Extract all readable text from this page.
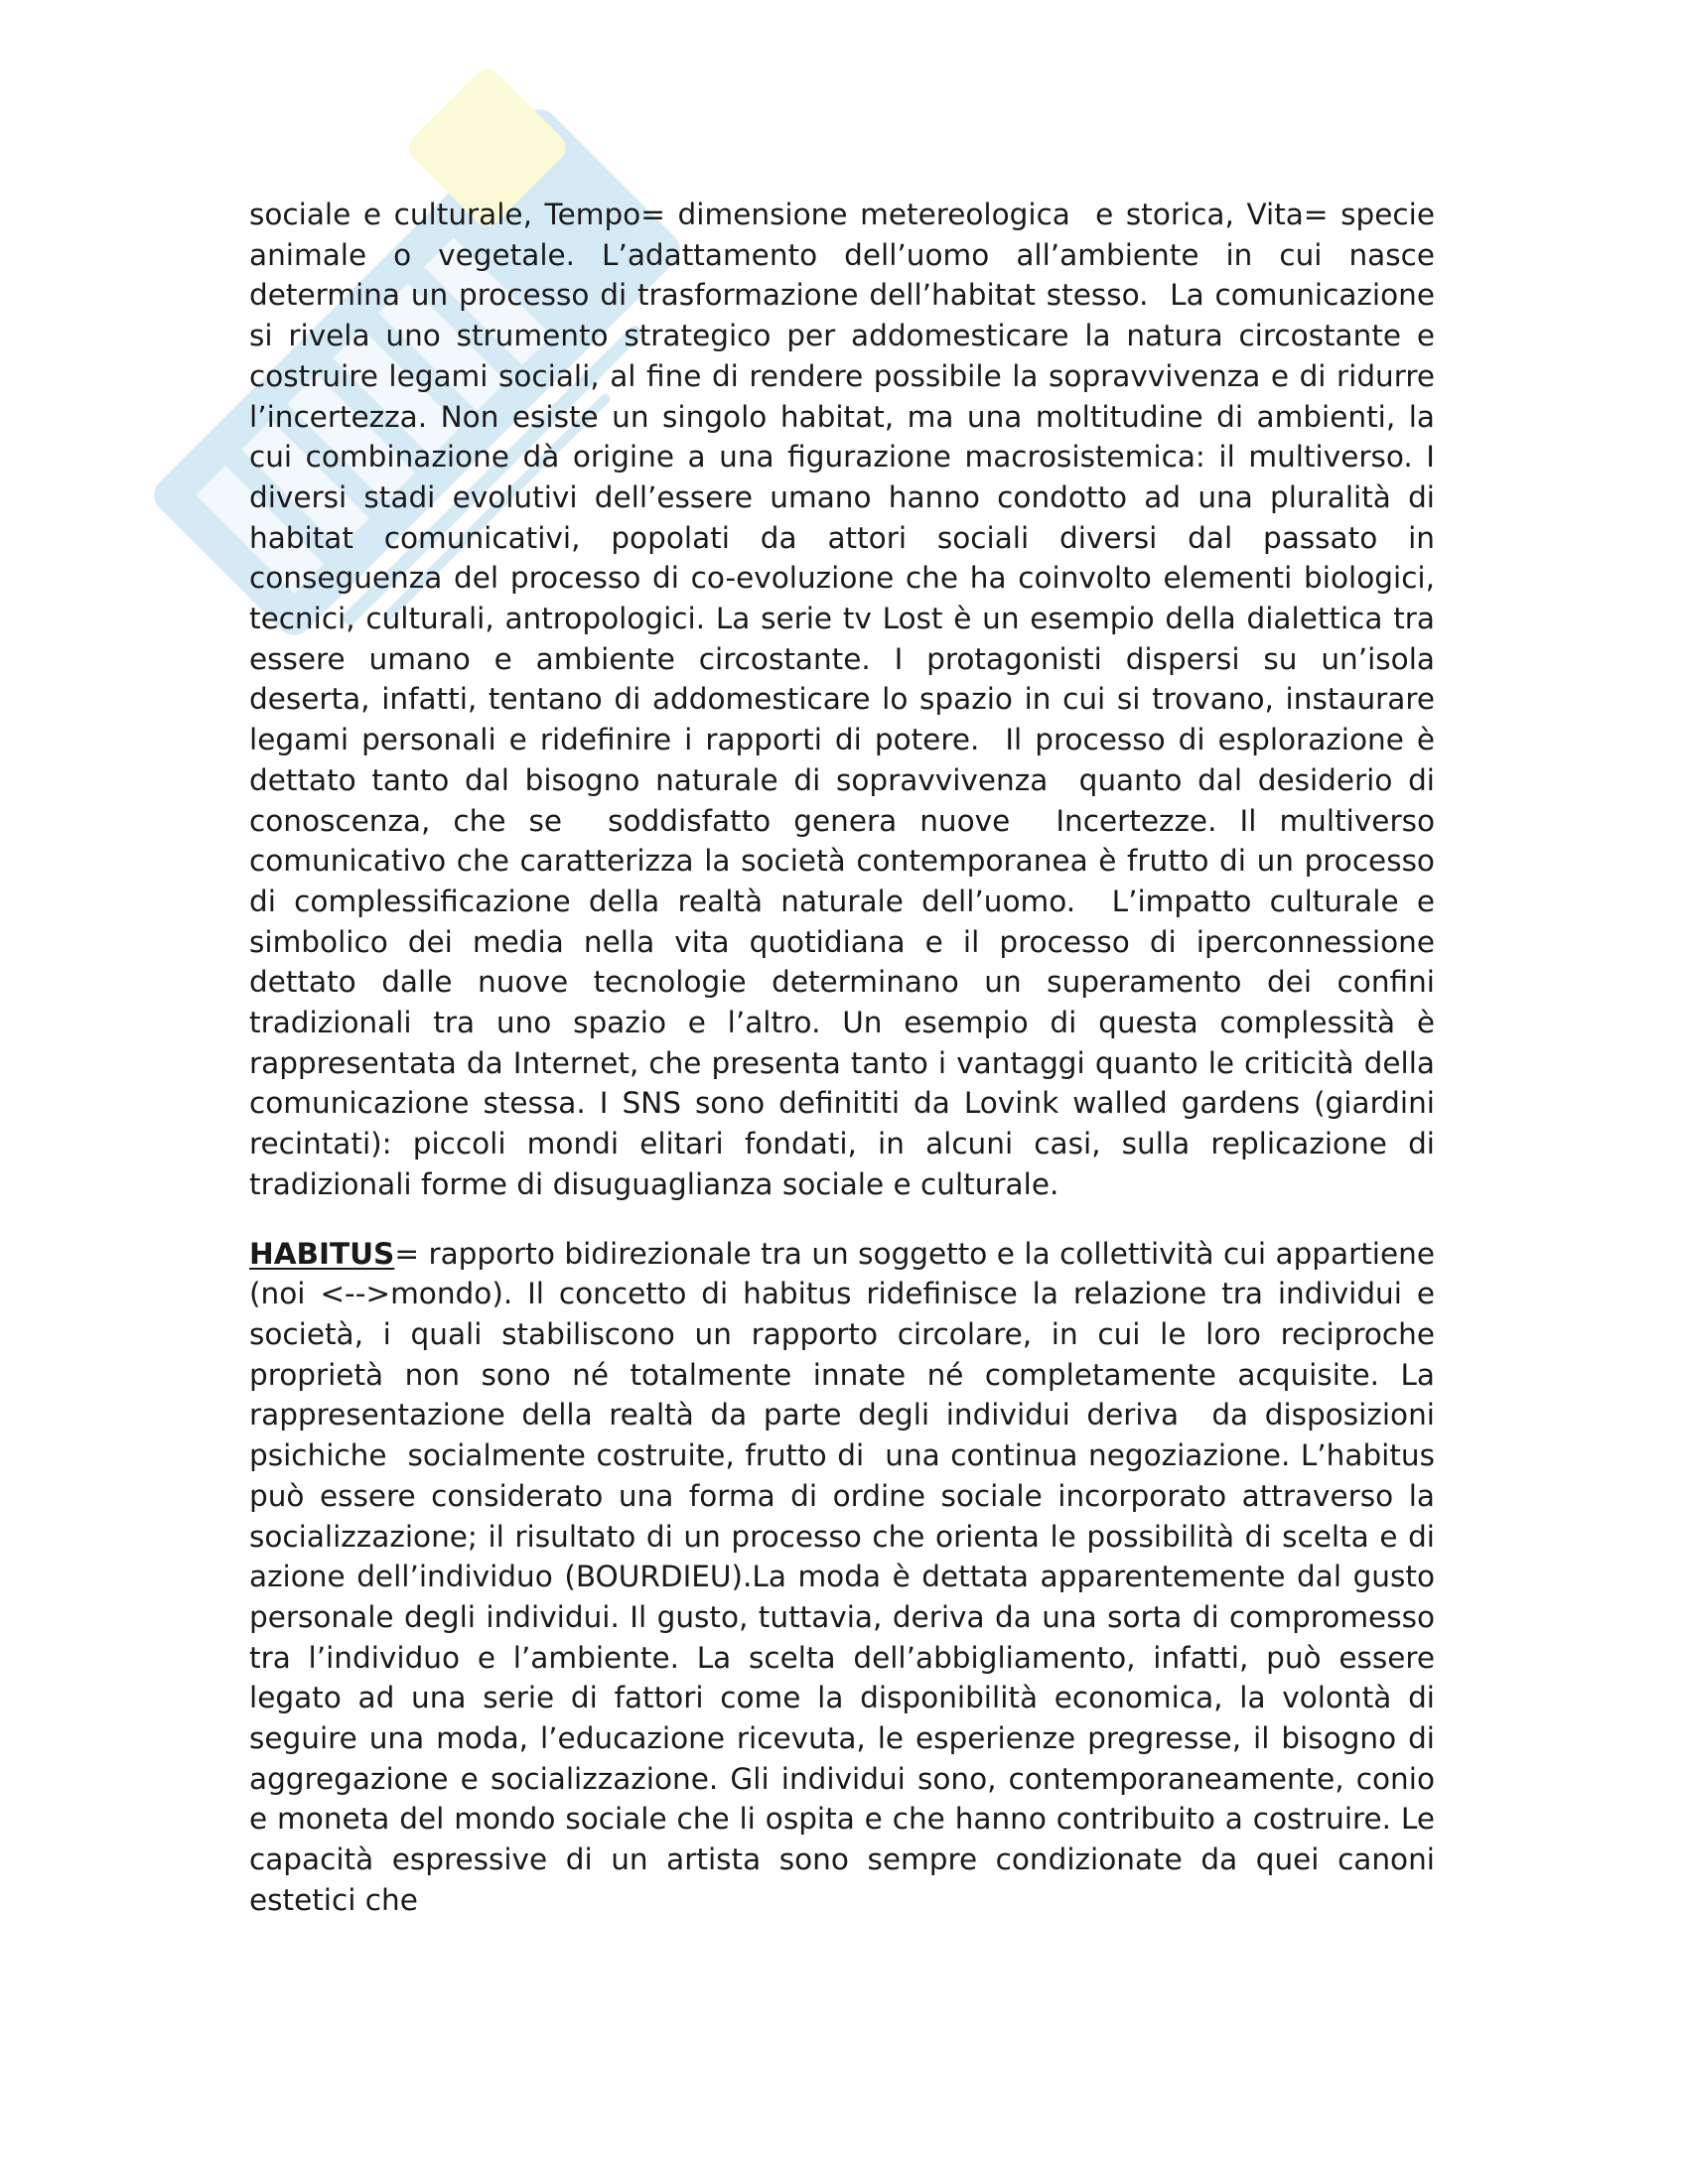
sociale e culturale, Tempo= dimensione metereologica  e storica, Vita= specie animale o vegetale. L’adattamento dell’uomo all’ambiente in cui nasce determina un processo di trasformazione dell’habitat stesso.  La comunicazione si rivela uno strumento strategico per addomesticare la natura circostante e costruire legami sociali, al fine di rendere possibile la sopravvivenza e di ridurre l’incertezza. Non esiste un singolo habitat, ma una moltitudine di ambienti, la cui combinazione dà origine a una figurazione macrosistemica: il multiverso. I diversi stadi evolutivi dell’essere umano hanno condotto ad una pluralità di habitat comunicativi, popolati da attori sociali diversi dal passato in conseguenza del processo di co-evoluzione che ha coinvolto elementi biologici, tecnici, culturali, antropologici. La serie tv Lost è un esempio della dialettica tra essere umano e ambiente circostante. I protagonisti dispersi su un’isola deserta, infatti, tentano di addomesticare lo spazio in cui si trovano, instaurare legami personali e ridefinire i rapporti di potere.  Il processo di esplorazione è dettato tanto dal bisogno naturale di sopravvivenza  quanto dal desiderio di  conoscenza, che se  soddisfatto genera nuove  Incertezze. Il multiverso comunicativo che caratterizza la società contemporanea è frutto di un processo di complessificazione della realtà naturale dell’uomo.  L’impatto culturale e simbolico dei media nella vita quotidiana e il processo di iperconnessione dettato dalle nuove tecnologie determinano un superamento dei confini tradizionali tra uno spazio e l’altro. Un esempio di questa complessità è rappresentata da Internet, che presenta tanto i vantaggi quanto le criticità della comunicazione stessa. I SNS sono definititi da Lovink walled gardens (giardini recintati): piccoli mondi elitari fondati, in alcuni casi, sulla replicazione di tradizionali forme di disuguaglianza sociale e culturale.

HABITUS= rapporto bidirezionale tra un soggetto e la collettività cui appartiene  (noi <-->mondo). Il concetto di habitus ridefinisce la relazione tra individui e società, i quali stabiliscono un rapporto circolare, in cui le loro reciproche proprietà non sono né totalmente innate né completamente acquisite. La rappresentazione della realtà da parte degli individui deriva  da disposizioni psichiche  socialmente costruite, frutto di  una continua negoziazione. L’habitus può essere considerato una forma di ordine sociale incorporato attraverso la socializzazione; il risultato di un processo che orienta le possibilità di scelta e di azione dell’individuo (BOURDIEU).La moda è dettata apparentemente dal gusto personale degli individui. Il gusto, tuttavia, deriva da una sorta di compromesso tra l’individuo e l’ambiente. La scelta dell’abbigliamento, infatti, può essere legato ad una serie di fattori come la disponibilità economica, la volontà di seguire una moda, l’educazione ricevuta, le esperienze pregresse, il bisogno di aggregazione e socializzazione. Gli individui sono, contemporaneamente, conio e moneta del mondo sociale che li ospita e che hanno contribuito a costruire. Le capacità espressive di un artista sono sempre condizionate da quei canoni estetici che
